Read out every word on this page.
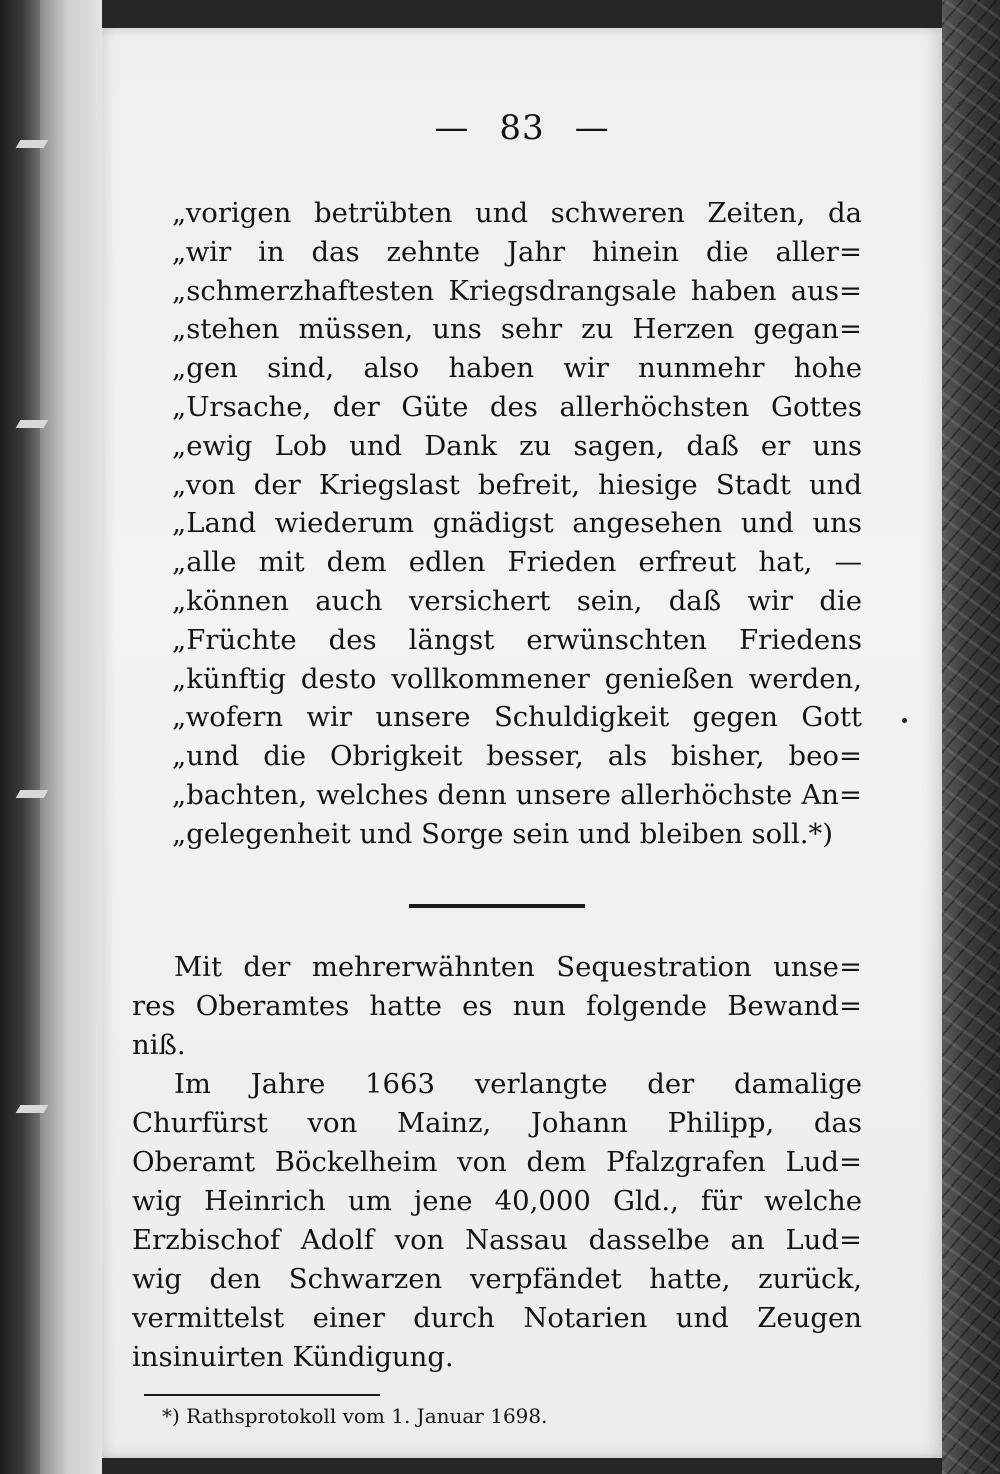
— 83 —
„vorigen betrübten und schweren Zeiten, da
„wir in das zehnte Jahr hinein die aller=
„schmerzhaftesten Kriegsdrangsale haben aus=
„stehen müssen, uns sehr zu Herzen gegan=
„gen sind, also haben wir nunmehr hohe
„Ursache, der Güte des allerhöchsten Gottes
„ewig Lob und Dank zu sagen, daß er uns
„von der Kriegslast befreit, hiesige Stadt und
„Land wiederum gnädigst angesehen und uns
„alle mit dem edlen Frieden erfreut hat, —
„können auch versichert sein, daß wir die
„Früchte des längst erwünschten Friedens
„künftig desto vollkommener genießen werden,
„wofern wir unsere Schuldigkeit gegen Gott
„und die Obrigkeit besser, als bisher, beo=
„bachten, welches denn unsere allerhöchste An=
„gelegenheit und Sorge sein und bleiben soll.*)
Mit der mehrerwähnten Sequestration unse=
res Oberamtes hatte es nun folgende Bewand=
niß.
Im Jahre 1663 verlangte der damalige
Churfürst von Mainz, Johann Philipp, das
Oberamt Böckelheim von dem Pfalzgrafen Lud=
wig Heinrich um jene 40,000 Gld., für welche
Erzbischof Adolf von Nassau dasselbe an Lud=
wig den Schwarzen verpfändet hatte, zurück,
vermittelst einer durch Notarien und Zeugen
insinuirten Kündigung.
*) Rathsprotokoll vom 1. Januar 1698.
